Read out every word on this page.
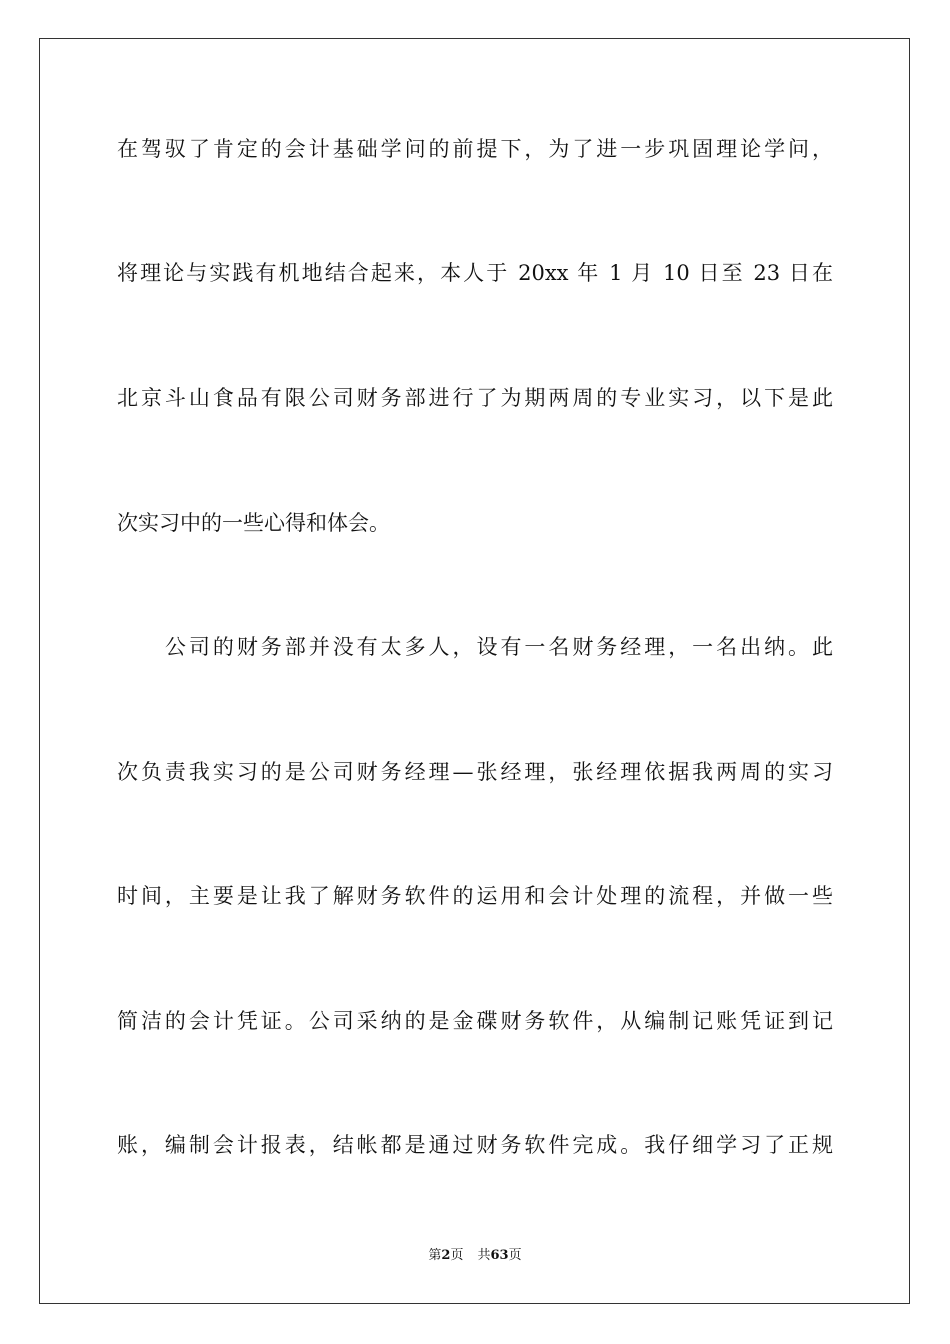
在驾驭了肯定的会计基础学问的前提下，为了进一步巩固理论学问，
将理论与实践有机地结合起来，本人于 20xx 年 1 月 10 日至 23 日在
北京斗山食品有限公司财务部进行了为期两周的专业实习，以下是此
次实习中的一些心得和体会。
　　公司的财务部并没有太多人，设有一名财务经理，一名出纳。此
次负责我实习的是公司财务经理—张经理，张经理依据我两周的实习
时间，主要是让我了解财务软件的运用和会计处理的流程，并做一些
简洁的会计凭证。公司采纳的是金碟财务软件，从编制记账凭证到记
账，编制会计报表，结帐都是通过财务软件完成。我仔细学习了正规
第2页 共63页
